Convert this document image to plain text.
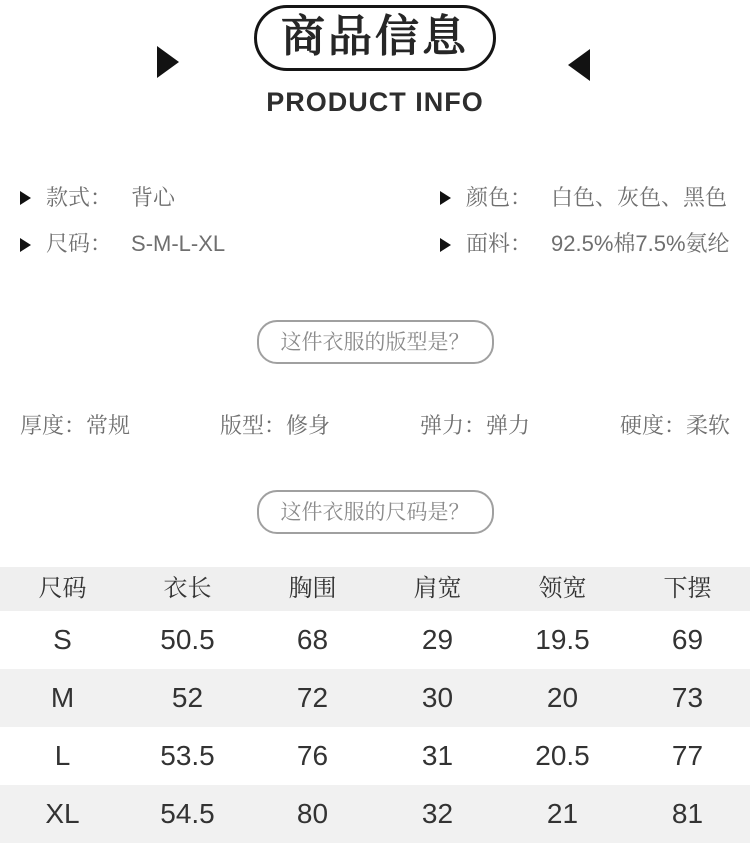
商品信息
PRODUCT INFO
款式： 背心	颜色： 白色、灰色、黑色
尺码： S-M-L-XL	面料： 92.5%棉7.5%氨纶
这件衣服的版型是？
厚度：常规	版型：修身	弹力：弹力	硬度：柔软
这件衣服的尺码是？
尺码	衣长	胸围	肩宽	领宽	下摆
S	50.5	68	29	19.5	69
M	52	72	30	20	73
L	53.5	76	31	20.5	77
XL	54.5	80	32	21	81
